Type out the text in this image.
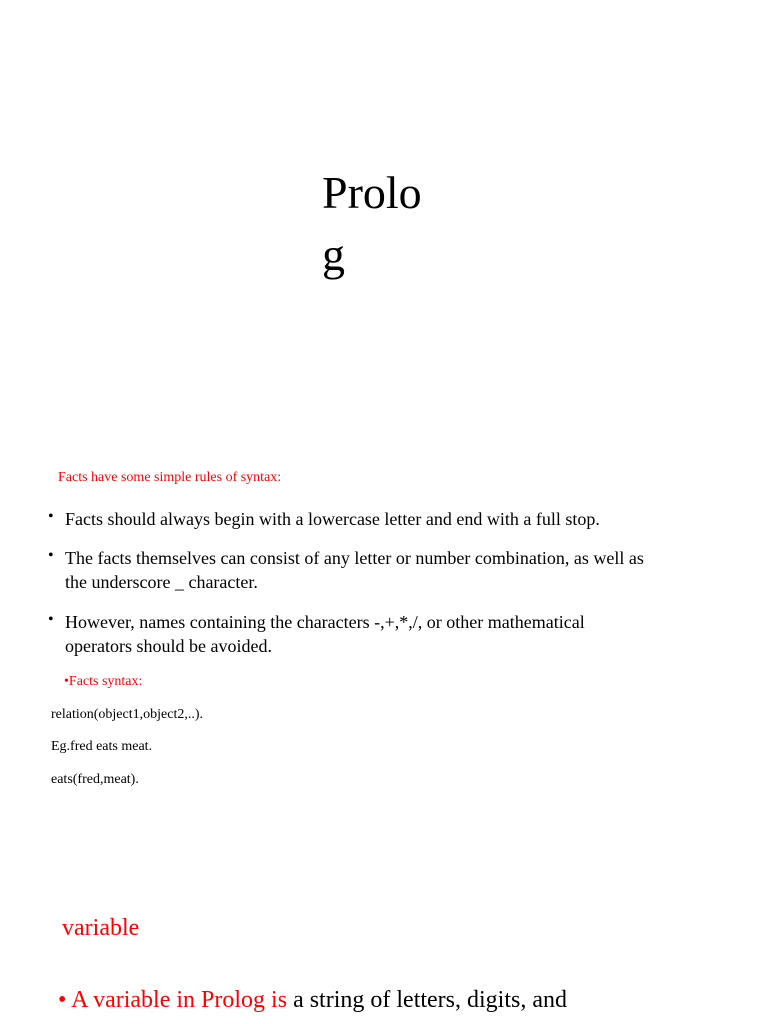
Prolo
g
Facts have some simple rules of syntax:
• Facts should always begin with a lowercase letter and end with a full stop.
• The facts themselves can consist of any letter or number combination, as well as
the underscore _ character.
• However, names containing the characters -,+,*,/, or other mathematical
operators should be avoided.
•Facts syntax:
relation(object1,object2,..).
Eg.fred eats meat.
eats(fred,meat).
variable
• A variable in Prolog is a string of letters, digits, and
